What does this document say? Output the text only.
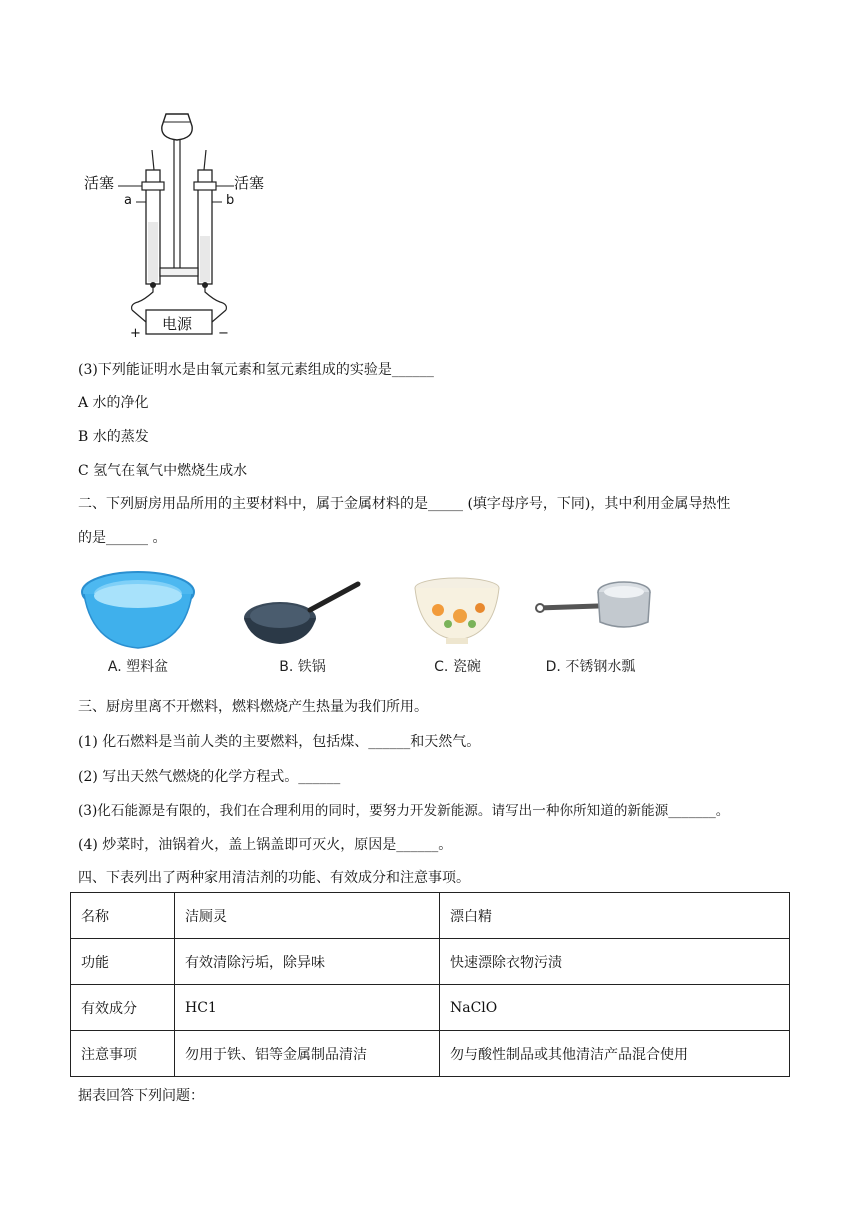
活塞	活塞
a	b
电源
+	−
(3)下列能证明水是由氧元素和氢元素组成的实验是______
A 水的净化
B 水的蒸发
C 氢气在氧气中燃烧生成水
二、下列厨房用品所用的主要材料中，属于金属材料的是_____ (填字母序号，下同)，其中利用金属导热性
的是______ 。
A. 塑料盆	B. 铁锅	C. 瓷碗	D. 不锈钢水瓢
三、厨房里离不开燃料，燃料燃烧产生热量为我们所用。
(1) 化石燃料是当前人类的主要燃料，包括煤、______和天然气。
(2) 写出天然气燃烧的化学方程式。______
(3)化石能源是有限的，我们在合理利用的同时，要努力开发新能源。请写出一种你所知道的新能源_______。
(4) 炒菜时，油锅着火，盖上锅盖即可灭火，原因是______。
四、下表列出了两种家用清洁剂的功能、有效成分和注意事项。
名称	洁厕灵	漂白精
功能	有效清除污垢，除异味	快速漂除衣物污渍
有效成分	HC1	NaClO
注意事项	勿用于铁、铝等金属制品清洁	勿与酸性制品或其他清洁产品混合使用
据表回答下列问题：
